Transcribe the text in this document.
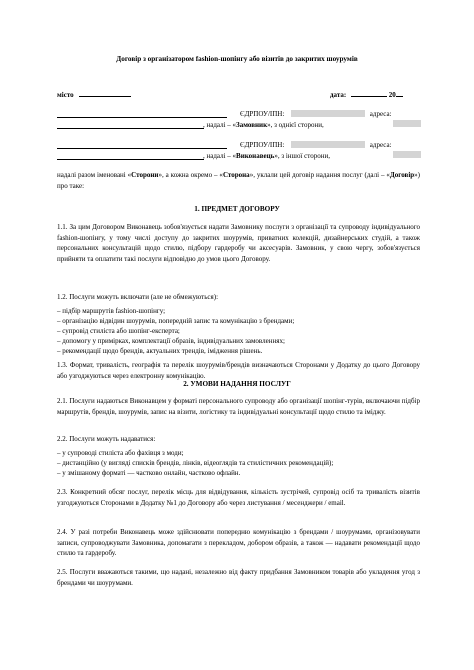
Договір з організатором fashion-шопінгу або візитів до закритих шоурумів
місто	дата:	20
ЄДРПОУ/ІПН:	адреса:
, надалі – «Замовник», з однієї сторони,
ЄДРПОУ/ІПН:	адреса:
, надалі – «Виконавець», з іншої сторони,
надалі разом іменовані «Сторони», а кожна окремо – «Сторона», уклали цей договір надання послуг (далі – «Договір») про таке:
1. ПРЕДМЕТ ДОГОВОРУ
1.1. За цим Договором Виконавець зобов'язується надати Замовнику послуги з організації та супроводу індивідуального fashion-шопінгу, у тому числі доступу до закритих шоурумів, приватних колекцій, дизайнерських студій, а також персональних консультацій щодо стилю, підбору гардеробу чи аксесуарів. Замовник, у свою чергу, зобов'язується прийняти та оплатити такі послуги відповідно до умов цього Договору.
1.2. Послуги можуть включати (але не обмежуються):
– підбір маршрутів fashion-шопінгу;
– організацію відвідин шоурумів, попередній запис та комунікацію з брендами;
– супровід стиліста або шопінг-експерта;
– допомогу у примірках, комплектації образів, індивідуальних замовленнях;
– рекомендації щодо брендів, актуальних трендів, імідження рішень.
1.3. Формат, тривалість, географія та перелік шоурумів/брендів визначаються Сторонами у Додатку до цього Договору або узгоджуються через електронну комунікацію.
2. УМОВИ НАДАННЯ ПОСЛУГ
2.1. Послуги надаються Виконавцем у форматі персонального супроводу або організації шопінг-турів, включаючи підбір маршрутів, брендів, шоурумів, запис на візити, логістику та індивідуальні консультації щодо стилю та іміджу.
2.2. Послуги можуть надаватися:
– у супроводі стиліста або фахівця з моди;
– дистанційно (у вигляді списків брендів, лінків, відеоглядів та стилістичних рекомендацій);
– у змішаному форматі — частково онлайн, частково офлайн.
2.3. Конкретний обсяг послуг, перелік місць для відвідування, кількість зустрічей, супровід осіб та тривалість візитів узгоджуються Сторонами в Додатку №1 до Договору або через листування / месенджери / email.
2.4. У разі потреби Виконавець може здійснювати попередню комунікацію з брендами / шоурумами, організовувати записи, супроводжувати Замовника, допомагати з перекладом, добором образів, а також — надавати рекомендації щодо стилю та гардеробу.
2.5. Послуги вважаються такими, що надані, незалежно від факту придбання Замовником товарів або укладення угод з брендами чи шоурумами.
